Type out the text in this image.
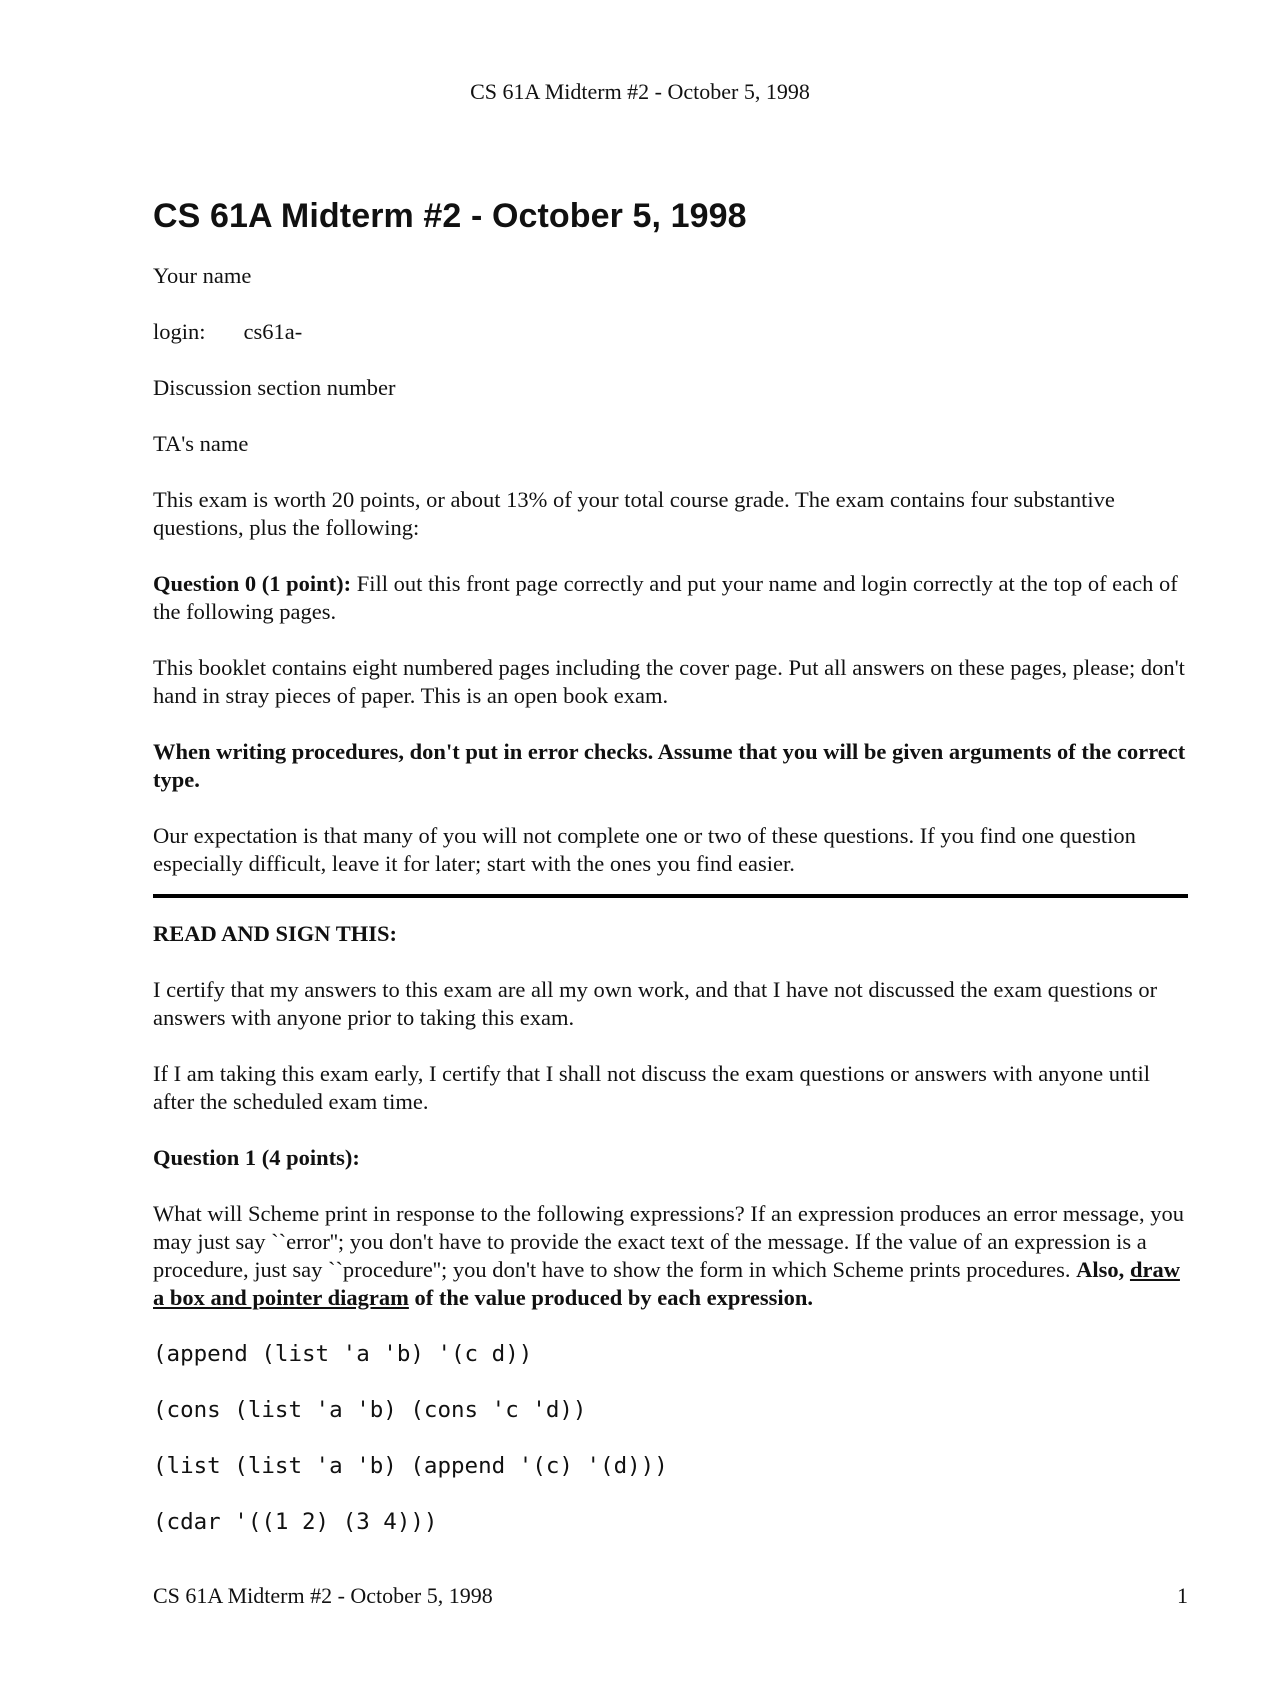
CS 61A Midterm #2 - October 5, 1998
CS 61A Midterm #2 - October 5, 1998

Your name

login: cs61a-

Discussion section number

TA's name

This exam is worth 20 points, or about 13% of your total course grade. The exam contains four substantive questions, plus the following:

Question 0 (1 point): Fill out this front page correctly and put your name and login correctly at the top of each of the following pages.

This booklet contains eight numbered pages including the cover page. Put all answers on these pages, please; don't hand in stray pieces of paper. This is an open book exam.

When writing procedures, don't put in error checks. Assume that you will be given arguments of the correct type.

Our expectation is that many of you will not complete one or two of these questions. If you find one question especially difficult, leave it for later; start with the ones you find easier.

READ AND SIGN THIS:

I certify that my answers to this exam are all my own work, and that I have not discussed the exam questions or answers with anyone prior to taking this exam.

If I am taking this exam early, I certify that I shall not discuss the exam questions or answers with anyone until after the scheduled exam time.

Question 1 (4 points):

What will Scheme print in response to the following expressions? If an expression produces an error message, you may just say ``error''; you don't have to provide the exact text of the message. If the value of an expression is a procedure, just say ``procedure''; you don't have to show the form in which Scheme prints procedures. Also, draw a box and pointer diagram of the value produced by each expression.

(append (list 'a 'b) '(c d))
(cons (list 'a 'b) (cons 'c 'd))
(list (list 'a 'b) (append '(c) '(d)))
(cdar '((1 2) (3 4)))
CS 61A Midterm #2 - October 5, 1998	1
